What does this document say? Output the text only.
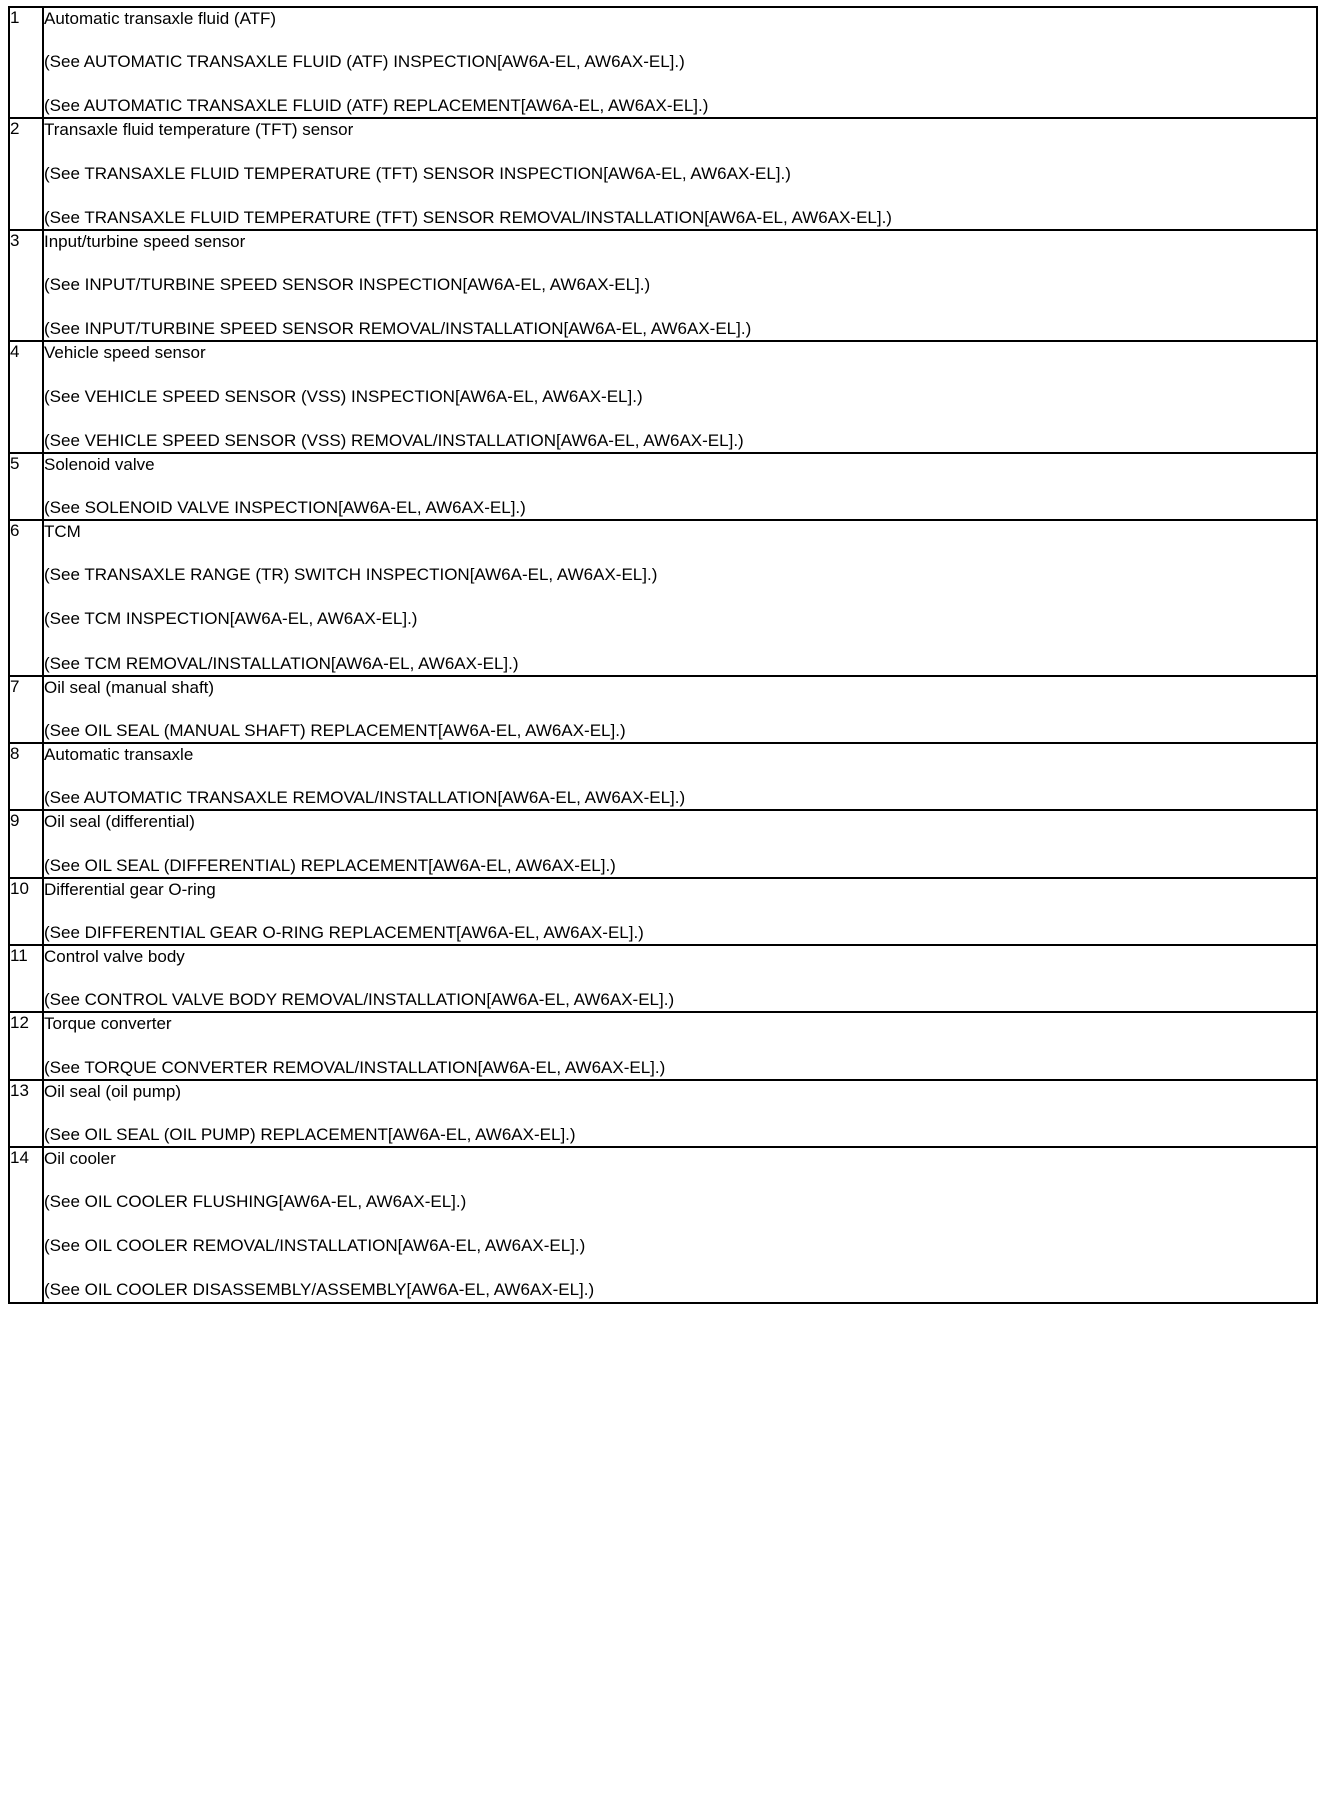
1	Automatic transaxle fluid (ATF)
(See AUTOMATIC TRANSAXLE FLUID (ATF) INSPECTION[AW6A-EL, AW6AX-EL].)
(See AUTOMATIC TRANSAXLE FLUID (ATF) REPLACEMENT[AW6A-EL, AW6AX-EL].)

2	Transaxle fluid temperature (TFT) sensor
(See TRANSAXLE FLUID TEMPERATURE (TFT) SENSOR INSPECTION[AW6A-EL, AW6AX-EL].)
(See TRANSAXLE FLUID TEMPERATURE (TFT) SENSOR REMOVAL/INSTALLATION[AW6A-EL, AW6AX-EL].)

3	Input/turbine speed sensor
(See INPUT/TURBINE SPEED SENSOR INSPECTION[AW6A-EL, AW6AX-EL].)
(See INPUT/TURBINE SPEED SENSOR REMOVAL/INSTALLATION[AW6A-EL, AW6AX-EL].)

4	Vehicle speed sensor
(See VEHICLE SPEED SENSOR (VSS) INSPECTION[AW6A-EL, AW6AX-EL].)
(See VEHICLE SPEED SENSOR (VSS) REMOVAL/INSTALLATION[AW6A-EL, AW6AX-EL].)

5	Solenoid valve
(See SOLENOID VALVE INSPECTION[AW6A-EL, AW6AX-EL].)

6	TCM
(See TRANSAXLE RANGE (TR) SWITCH INSPECTION[AW6A-EL, AW6AX-EL].)
(See TCM INSPECTION[AW6A-EL, AW6AX-EL].)
(See TCM REMOVAL/INSTALLATION[AW6A-EL, AW6AX-EL].)

7	Oil seal (manual shaft)
(See OIL SEAL (MANUAL SHAFT) REPLACEMENT[AW6A-EL, AW6AX-EL].)

8	Automatic transaxle
(See AUTOMATIC TRANSAXLE REMOVAL/INSTALLATION[AW6A-EL, AW6AX-EL].)

9	Oil seal (differential)
(See OIL SEAL (DIFFERENTIAL) REPLACEMENT[AW6A-EL, AW6AX-EL].)

10	Differential gear O-ring
(See DIFFERENTIAL GEAR O-RING REPLACEMENT[AW6A-EL, AW6AX-EL].)

11	Control valve body
(See CONTROL VALVE BODY REMOVAL/INSTALLATION[AW6A-EL, AW6AX-EL].)

12	Torque converter
(See TORQUE CONVERTER REMOVAL/INSTALLATION[AW6A-EL, AW6AX-EL].)

13	Oil seal (oil pump)
(See OIL SEAL (OIL PUMP) REPLACEMENT[AW6A-EL, AW6AX-EL].)

14	Oil cooler
(See OIL COOLER FLUSHING[AW6A-EL, AW6AX-EL].)
(See OIL COOLER REMOVAL/INSTALLATION[AW6A-EL, AW6AX-EL].)
(See OIL COOLER DISASSEMBLY/ASSEMBLY[AW6A-EL, AW6AX-EL].)
